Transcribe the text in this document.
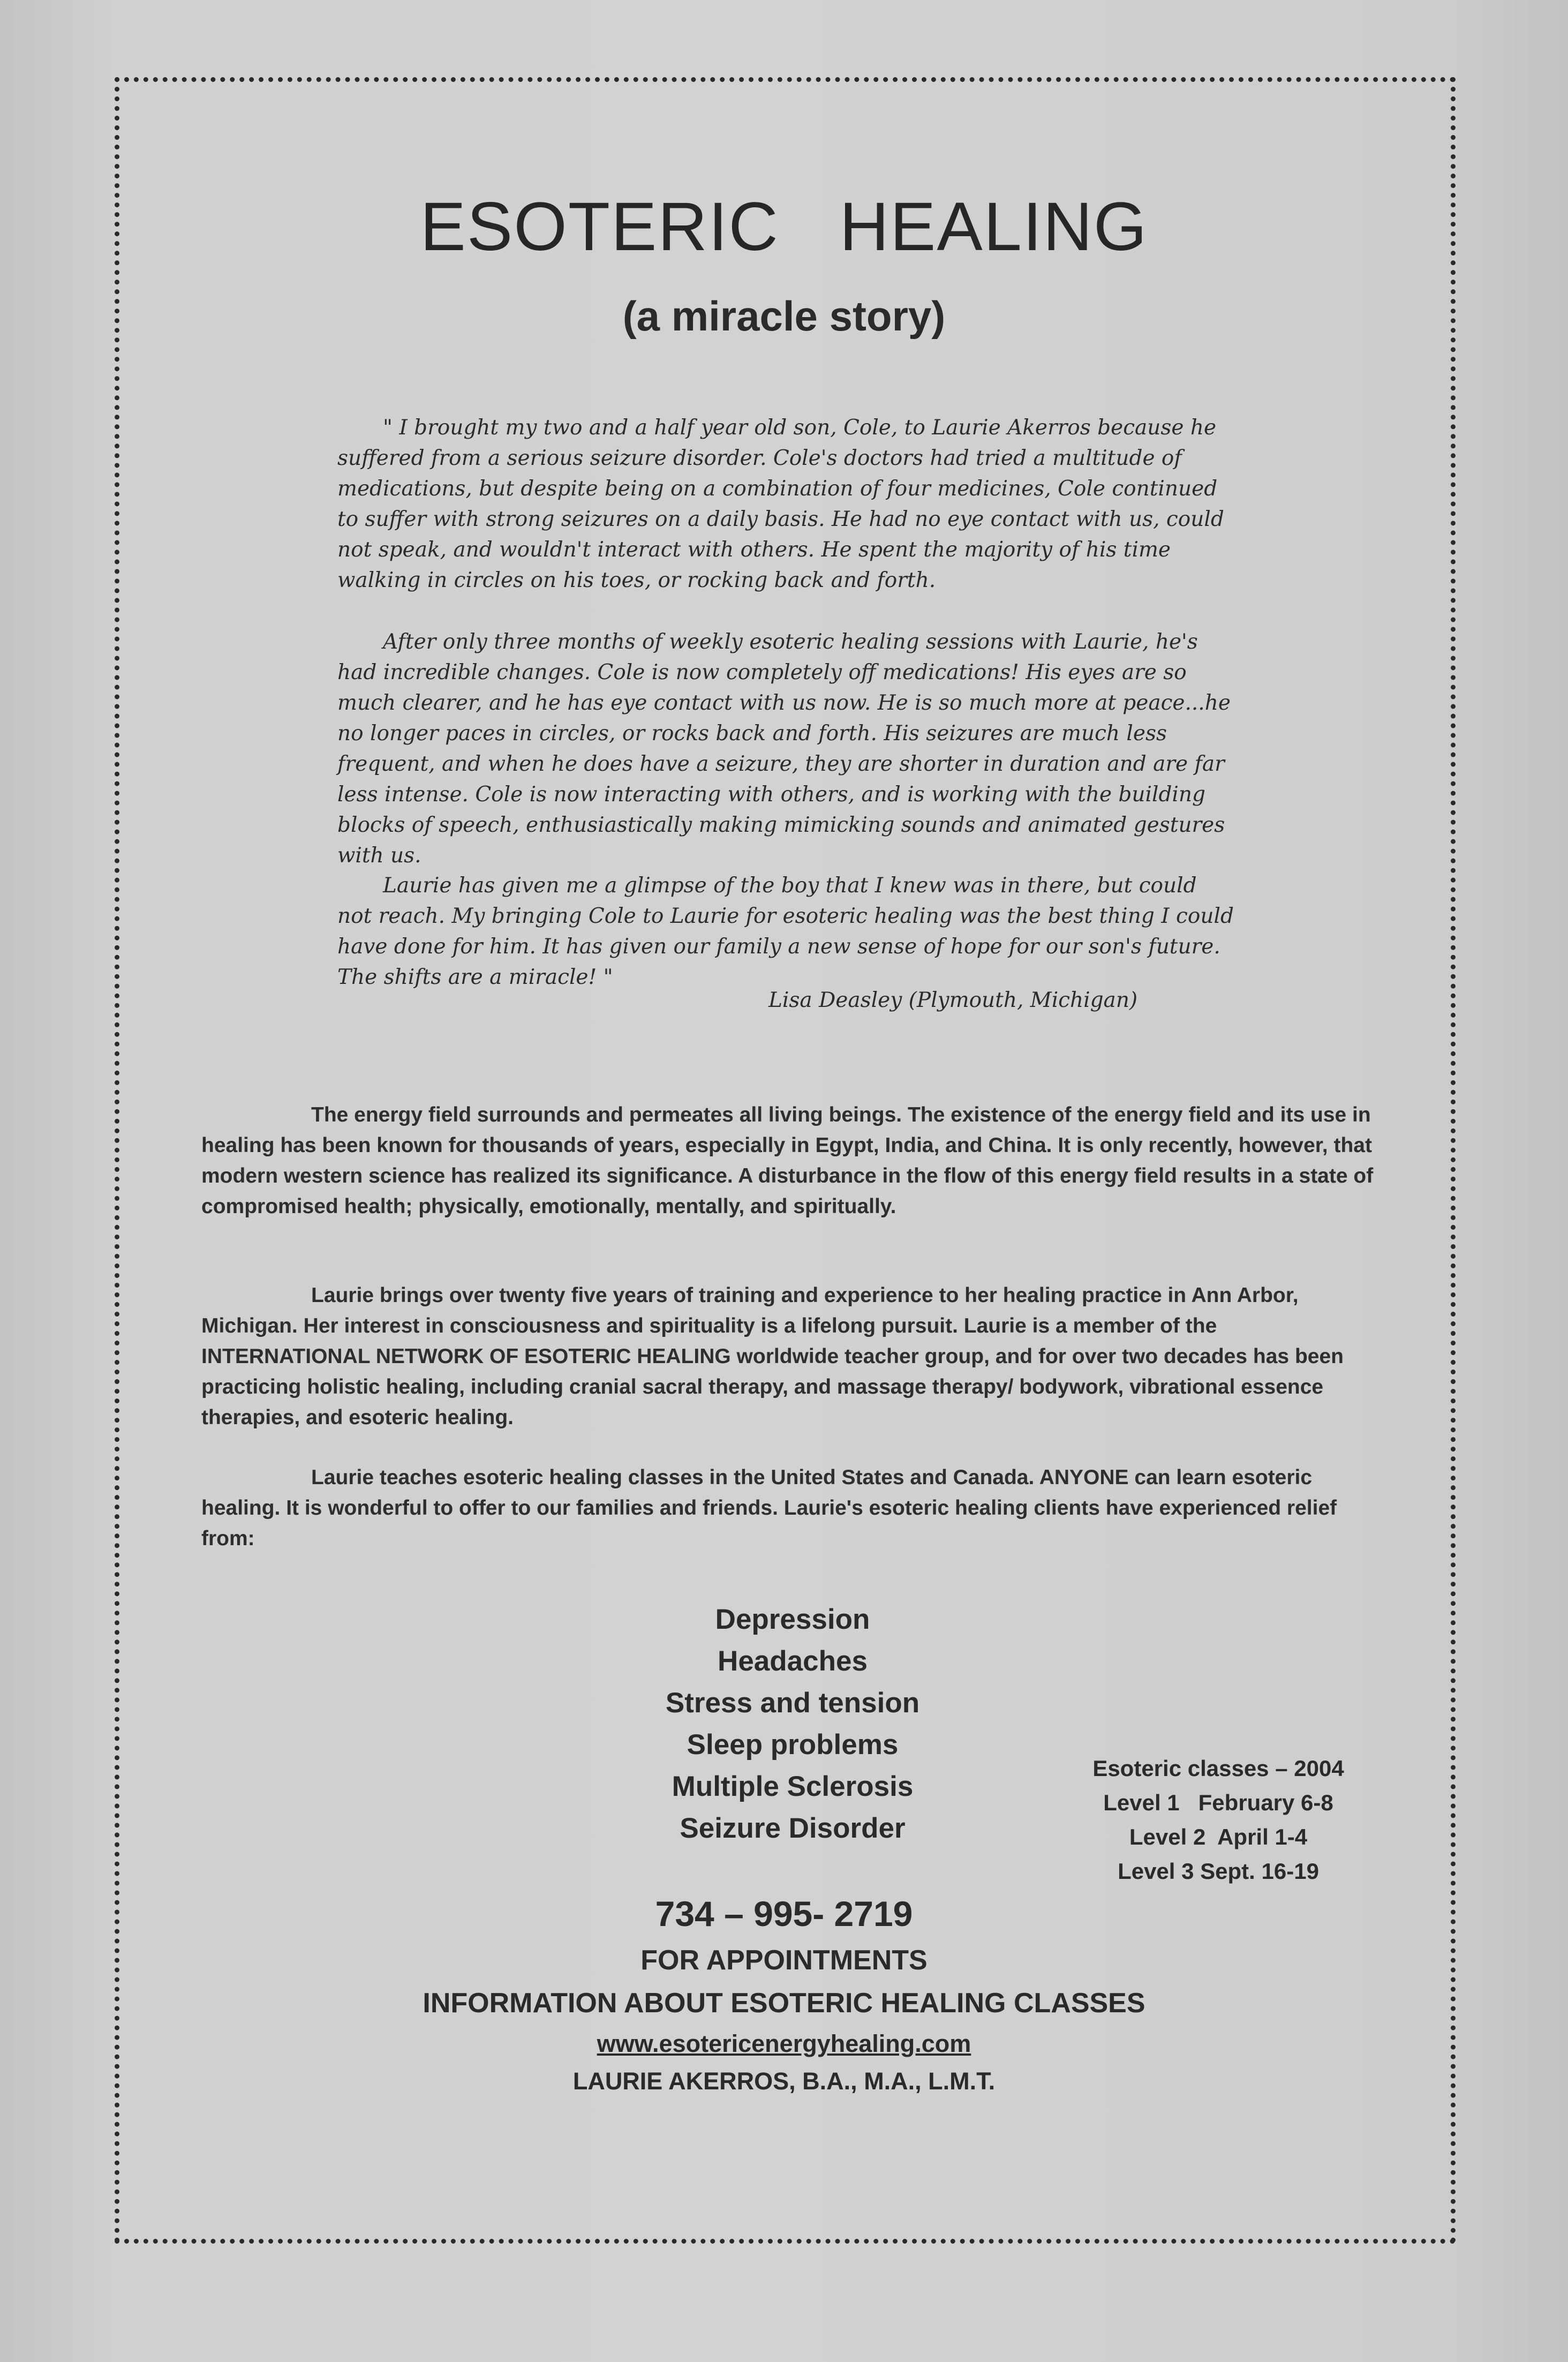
ESOTERIC   HEALING
(a miracle story)

" I brought my two and a half year old son, Cole, to Laurie Akerros because he suffered from a serious seizure disorder. Cole's doctors had tried a multitude of medications, but despite being on a combination of four medicines, Cole continued to suffer with strong seizures on a daily basis. He had no eye contact with us, could not speak, and wouldn't interact with others. He spent the majority of his time walking in circles on his toes, or rocking back and forth.

After only three months of weekly esoteric healing sessions with Laurie, he's had incredible changes. Cole is now completely off medications! His eyes are so much clearer, and he has eye contact with us now. He is so much more at peace...he no longer paces in circles, or rocks back and forth. His seizures are much less frequent, and when he does have a seizure, they are shorter in duration and are far less intense. Cole is now interacting with others, and is working with the building blocks of speech, enthusiastically making mimicking sounds and animated gestures with us.

Laurie has given me a glimpse of the boy that I knew was in there, but could not reach. My bringing Cole to Laurie for esoteric healing was the best thing I could have done for him. It has given our family a new sense of hope for our son's future. The shifts are a miracle! "

Lisa Deasley (Plymouth, Michigan)

The energy field surrounds and permeates all living beings. The existence of the energy field and its use in healing has been known for thousands of years, especially in Egypt, India, and China. It is only recently, however, that modern western science has realized its significance. A disturbance in the flow of this energy field results in a state of compromised health; physically, emotionally, mentally, and spiritually.

Laurie brings over twenty five years of training and experience to her healing practice in Ann Arbor, Michigan. Her interest in consciousness and spirituality is a lifelong pursuit. Laurie is a member of the INTERNATIONAL NETWORK OF ESOTERIC HEALING worldwide teacher group, and for over two decades has been practicing holistic healing, including cranial sacral therapy, and massage therapy/ bodywork, vibrational essence therapies, and esoteric healing.

Laurie teaches esoteric healing classes in the United States and Canada. ANYONE can learn esoteric healing. It is wonderful to offer to our families and friends. Laurie's esoteric healing clients have experienced relief from:

Depression
Headaches
Stress and tension
Sleep problems
Multiple Sclerosis
Seizure Disorder
Esoteric classes – 2004
Level 1   February 6-8
Level 2  April 1-4
Level 3 Sept. 16-19
734 – 995- 2719
FOR APPOINTMENTS
INFORMATION ABOUT ESOTERIC HEALING CLASSES
www.esotericenergyhealing.com
LAURIE AKERROS, B.A., M.A., L.M.T.
